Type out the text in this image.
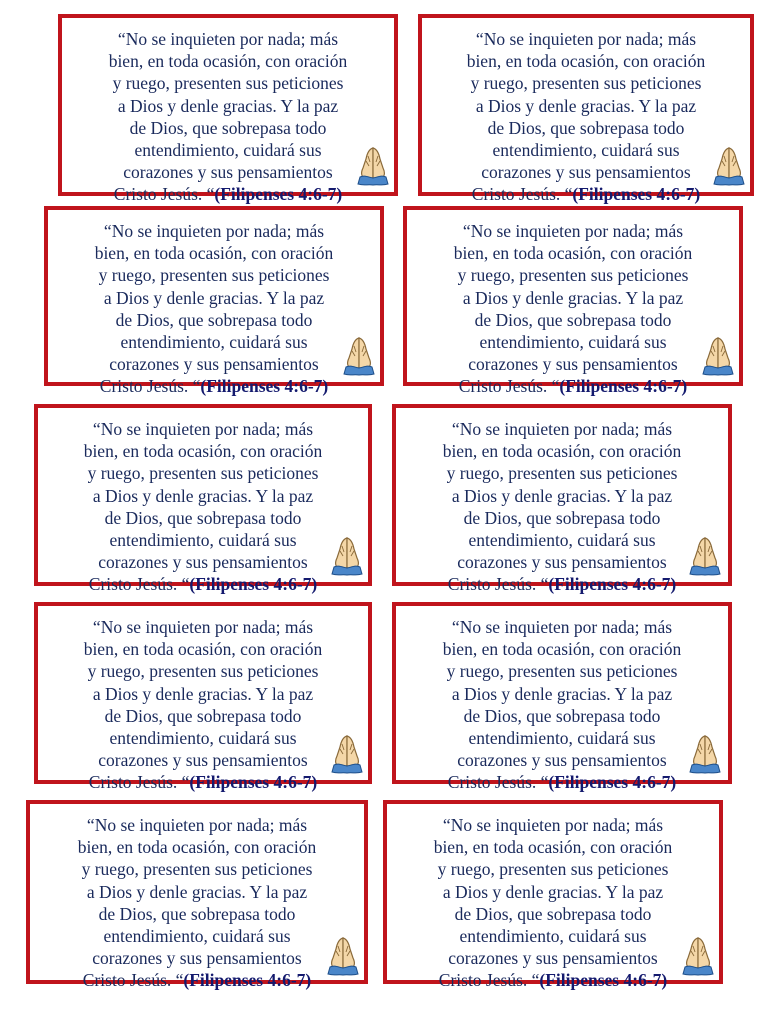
“No se inquieten por nada; más
bien, en toda ocasión, con oración
y ruego, presenten sus peticiones
a Dios y denle gracias. Y la paz
de Dios, que sobrepasa todo
entendimiento, cuidará sus
corazones y sus pensamientos
Cristo Jesús. “(Filipenses 4:6-7)
“No se inquieten por nada; más
bien, en toda ocasión, con oración
y ruego, presenten sus peticiones
a Dios y denle gracias. Y la paz
de Dios, que sobrepasa todo
entendimiento, cuidará sus
corazones y sus pensamientos
Cristo Jesús. “(Filipenses 4:6-7)
“No se inquieten por nada; más
bien, en toda ocasión, con oración
y ruego, presenten sus peticiones
a Dios y denle gracias. Y la paz
de Dios, que sobrepasa todo
entendimiento, cuidará sus
corazones y sus pensamientos
Cristo Jesús. “(Filipenses 4:6-7)
“No se inquieten por nada; más
bien, en toda ocasión, con oración
y ruego, presenten sus peticiones
a Dios y denle gracias. Y la paz
de Dios, que sobrepasa todo
entendimiento, cuidará sus
corazones y sus pensamientos
Cristo Jesús. “(Filipenses 4:6-7)
“No se inquieten por nada; más
bien, en toda ocasión, con oración
y ruego, presenten sus peticiones
a Dios y denle gracias. Y la paz
de Dios, que sobrepasa todo
entendimiento, cuidará sus
corazones y sus pensamientos
Cristo Jesús. “(Filipenses 4:6-7)
“No se inquieten por nada; más
bien, en toda ocasión, con oración
y ruego, presenten sus peticiones
a Dios y denle gracias. Y la paz
de Dios, que sobrepasa todo
entendimiento, cuidará sus
corazones y sus pensamientos
Cristo Jesús. “(Filipenses 4:6-7)
“No se inquieten por nada; más
bien, en toda ocasión, con oración
y ruego, presenten sus peticiones
a Dios y denle gracias. Y la paz
de Dios, que sobrepasa todo
entendimiento, cuidará sus
corazones y sus pensamientos
Cristo Jesús. “(Filipenses 4:6-7)
“No se inquieten por nada; más
bien, en toda ocasión, con oración
y ruego, presenten sus peticiones
a Dios y denle gracias. Y la paz
de Dios, que sobrepasa todo
entendimiento, cuidará sus
corazones y sus pensamientos
Cristo Jesús. “(Filipenses 4:6-7)
“No se inquieten por nada; más
bien, en toda ocasión, con oración
y ruego, presenten sus peticiones
a Dios y denle gracias. Y la paz
de Dios, que sobrepasa todo
entendimiento, cuidará sus
corazones y sus pensamientos
Cristo Jesús. “(Filipenses 4:6-7)
“No se inquieten por nada; más
bien, en toda ocasión, con oración
y ruego, presenten sus peticiones
a Dios y denle gracias. Y la paz
de Dios, que sobrepasa todo
entendimiento, cuidará sus
corazones y sus pensamientos
Cristo Jesús. “(Filipenses 4:6-7)
